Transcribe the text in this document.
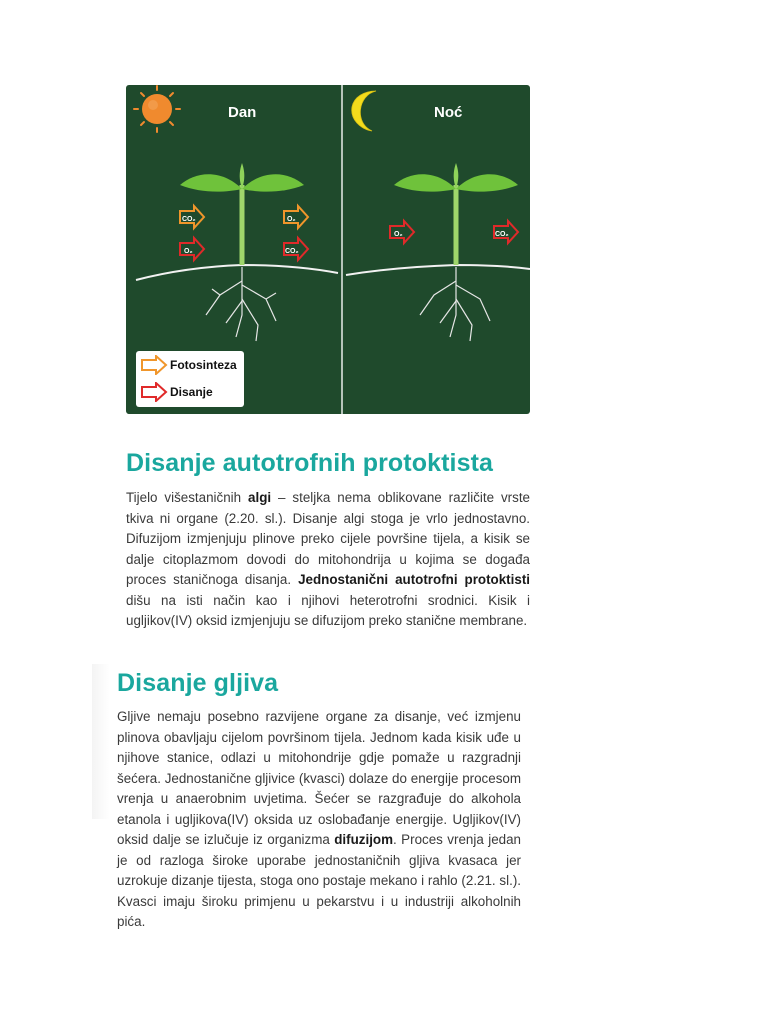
CO₂
O₂
O₂
CO₂
O₂	CO₂
Dan	Noć
Fotosinteza
Disanje
Disanje autotrofnih protoktista

Tijelo višestaničnih algi – steljka nema oblikovane različite vrste tkiva ni organe (2.20. sl.). Disanje algi stoga je vrlo jednostavno. Difuzijom izmjenjuju plinove preko cijele površine tijela, a kisik se dalje citoplazmom dovodi do mitohondrija u kojima se događa proces staničnoga disanja. Jednostanični autotrofni protoktisti dišu na isti način kao i njihovi heterotrofni srodnici. Kisik i ugljikov(IV) oksid izmjenjuju se difuzijom preko stanične membrane.

Disanje gljiva

Gljive nemaju posebno razvijene organe za disanje, već izmjenu plinova obavljaju cijelom površinom tijela. Jednom kada kisik uđe u njihove stanice, odlazi u mitohondrije gdje pomaže u razgradnji šećera. Jednostanične gljivice (kvasci) dolaze do energije procesom vrenja u anaerobnim uvjetima. Šećer se razgrađuje do alkohola etanola i ugljikova(IV) oksida uz oslobađanje energije. Ugljikov(IV) oksid dalje se izlučuje iz organizma difuzijom. Proces vrenja jedan je od razloga široke uporabe jednostaničnih gljiva kvasaca jer uzrokuje dizanje tijesta, stoga ono postaje mekano i rahlo (2.21. sl.). Kvasci imaju široku primjenu u pekarstvu i u industriji alkoholnih pića.
